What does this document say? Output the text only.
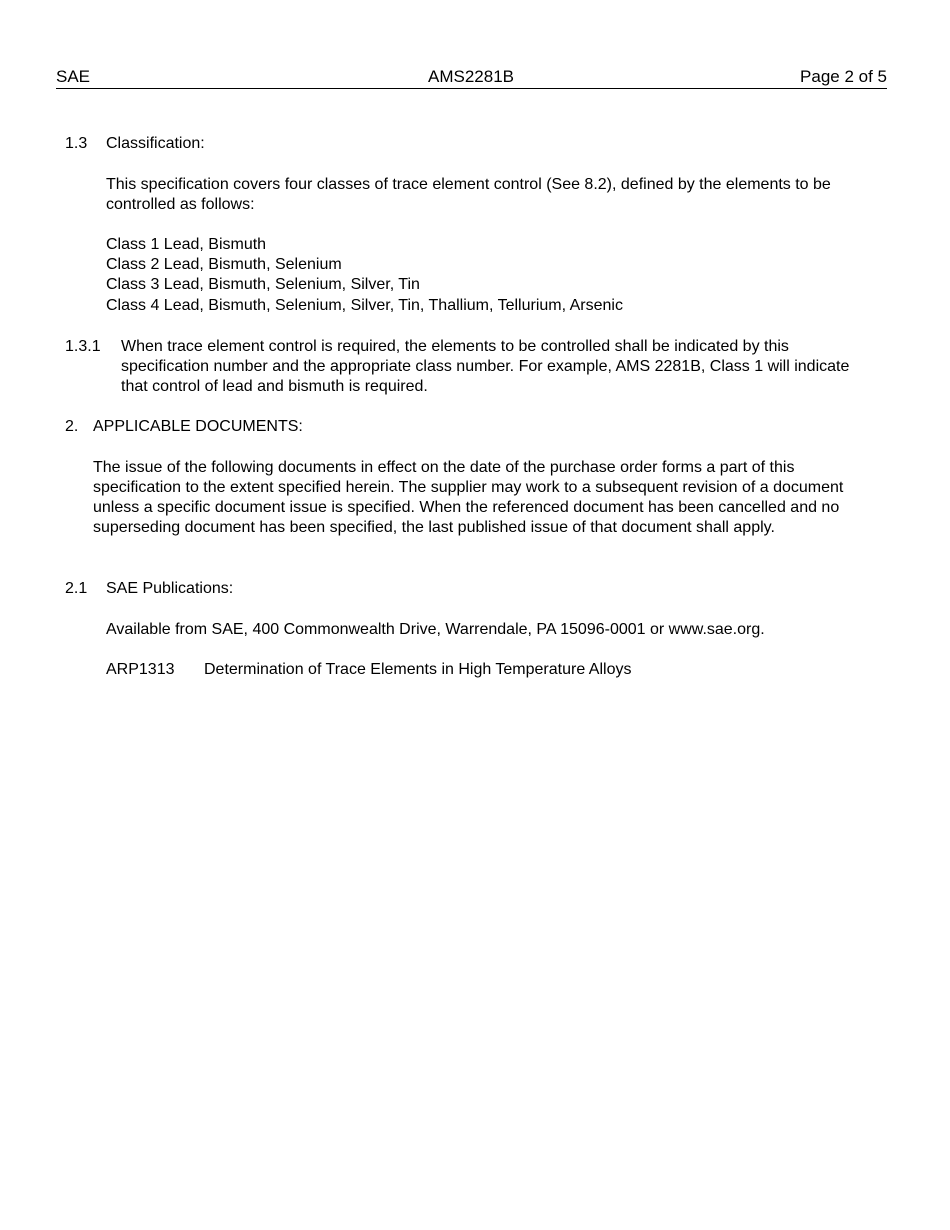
SAE	AMS2281B	Page 2 of 5
1.3 Classification:
This specification covers four classes of trace element control (See 8.2), defined by the elements to be controlled as follows:
Class 1 Lead, Bismuth
Class 2 Lead, Bismuth, Selenium
Class 3 Lead, Bismuth, Selenium, Silver, Tin
Class 4 Lead, Bismuth, Selenium, Silver, Tin, Thallium, Tellurium, Arsenic
1.3.1 When trace element control is required, the elements to be controlled shall be indicated by this specification number and the appropriate class number. For example, AMS 2281B, Class 1 will indicate that control of lead and bismuth is required.
2. APPLICABLE DOCUMENTS:
The issue of the following documents in effect on the date of the purchase order forms a part of this specification to the extent specified herein. The supplier may work to a subsequent revision of a document unless a specific document issue is specified. When the referenced document has been cancelled and no superseding document has been specified, the last published issue of that document shall apply.
2.1 SAE Publications:
Available from SAE, 400 Commonwealth Drive, Warrendale, PA 15096-0001 or www.sae.org.
ARP1313 Determination of Trace Elements in High Temperature Alloys
